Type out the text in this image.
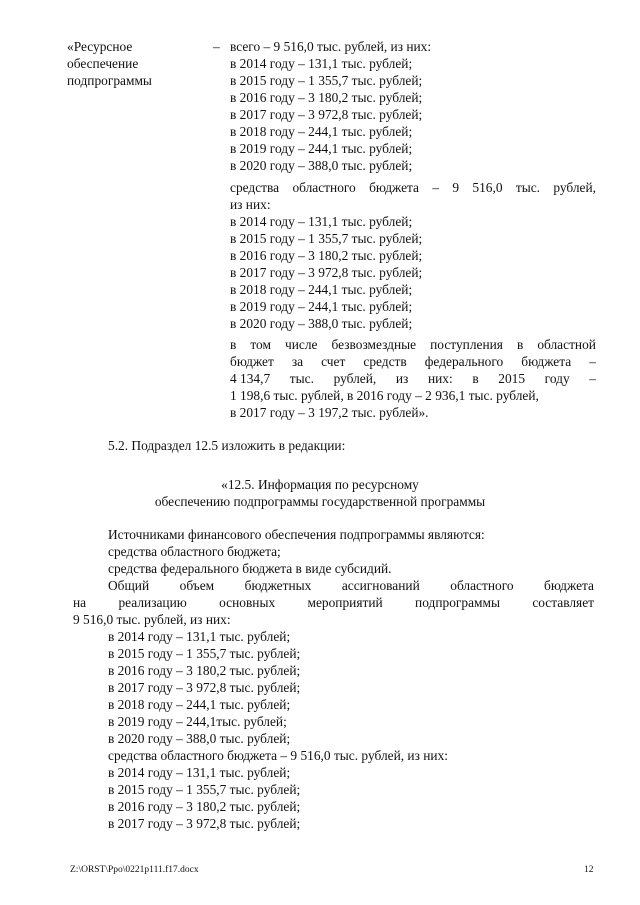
«Ресурсное
обеспечение
подпрограммы
– всего – 9 516,0 тыс. рублей, из них:
в 2014 году – 131,1 тыс. рублей;
в 2015 году – 1 355,7 тыс. рублей;
в 2016 году – 3 180,2 тыс. рублей;
в 2017 году – 3 972,8 тыс. рублей;
в 2018 году – 244,1 тыс. рублей;
в 2019 году – 244,1 тыс. рублей;
в 2020 году – 388,0 тыс. рублей;
средства областного бюджета – 9 516,0 тыс. рублей,
из них:
в 2014 году – 131,1 тыс. рублей;
в 2015 году – 1 355,7 тыс. рублей;
в 2016 году – 3 180,2 тыс. рублей;
в 2017 году – 3 972,8 тыс. рублей;
в 2018 году – 244,1 тыс. рублей;
в 2019 году – 244,1 тыс. рублей;
в 2020 году – 388,0 тыс. рублей;
в том числе безвозмездные поступления в областной
бюджет за счет средств федерального бюджета –
4 134,7 тыс. рублей, из них: в 2015 году –
1 198,6 тыс. рублей, в 2016 году – 2 936,1 тыс. рублей,
в 2017 году – 3 197,2 тыс. рублей».
5.2. Подраздел 12.5 изложить в редакции:
«12.5. Информация по ресурсному
обеспечению подпрограммы государственной программы
Источниками финансового обеспечения подпрограммы являются:
средства областного бюджета;
средства федерального бюджета в виде субсидий.
Общий объем бюджетных ассигнований областного бюджета
на реализацию основных мероприятий подпрограммы составляет
9 516,0 тыс. рублей, из них:
в 2014 году – 131,1 тыс. рублей;
в 2015 году – 1 355,7 тыс. рублей;
в 2016 году – 3 180,2 тыс. рублей;
в 2017 году – 3 972,8 тыс. рублей;
в 2018 году – 244,1 тыс. рублей;
в 2019 году – 244,1тыс. рублей;
в 2020 году – 388,0 тыс. рублей;
средства областного бюджета – 9 516,0 тыс. рублей, из них:
в 2014 году – 131,1 тыс. рублей;
в 2015 году – 1 355,7 тыс. рублей;
в 2016 году – 3 180,2 тыс. рублей;
в 2017 году – 3 972,8 тыс. рублей;
Z:\ORST\Ppo\0221p111.f17.docx	12
